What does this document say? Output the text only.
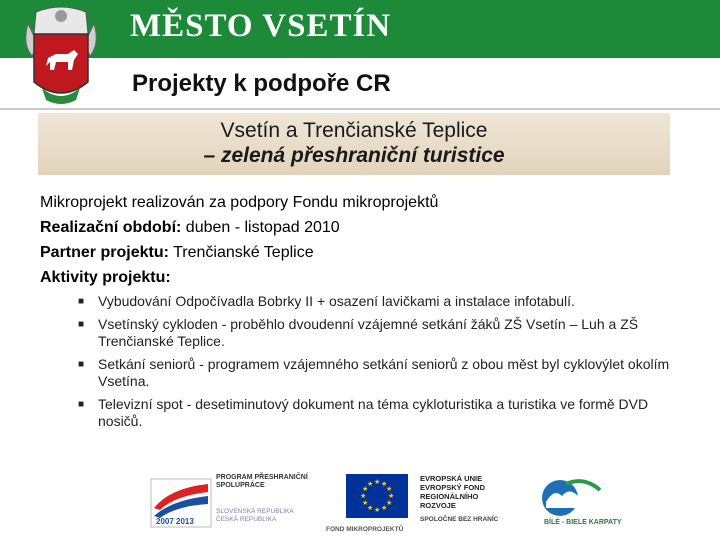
MĚSTO VSETÍN
Projekty k podpoře CR
Vsetín a Trenčianské Teplice
– zelená přeshraniční turistice
Mikroprojekt realizován za podpory Fondu mikroprojektů
Realizační období: duben - listopad 2010
Partner projektu: Trenčianské Teplice
Aktivity projektu:
■ Vybudování Odpočívadla Bobrky II + osazení lavičkami a instalace infotabulí.
■ Vsetínský cykloden - proběhlo dvoudenní vzájemné setkání žáků ZŠ Vsetín – Luh a ZŠ Trenčianské Teplice.
■ Setkání seniorů - programem vzájemného setkání seniorů z obou měst byl cyklovýlet okolím Vsetína.
■ Televizní spot - desetiminutový dokument na téma cykloturistika a turistika ve formě DVD nosičů.
2007 2013
PROGRAM PŘESHRANIČNÍ SPOLUPRÁCE
SLOVENSKÁ REPUBLIKA ČESKÁ REPUBLIKA
★ ★
★
★
★
★
★
★
★
★
★
★
EVROPSKÁ UNIE EVROPSKÝ FOND REGIONÁLNÍHO ROZVOJE
SPOLOČNE BEZ HRANÍC
FOND MIKROPROJEKTŮ
BÍLÉ - BIELE KARPATY
